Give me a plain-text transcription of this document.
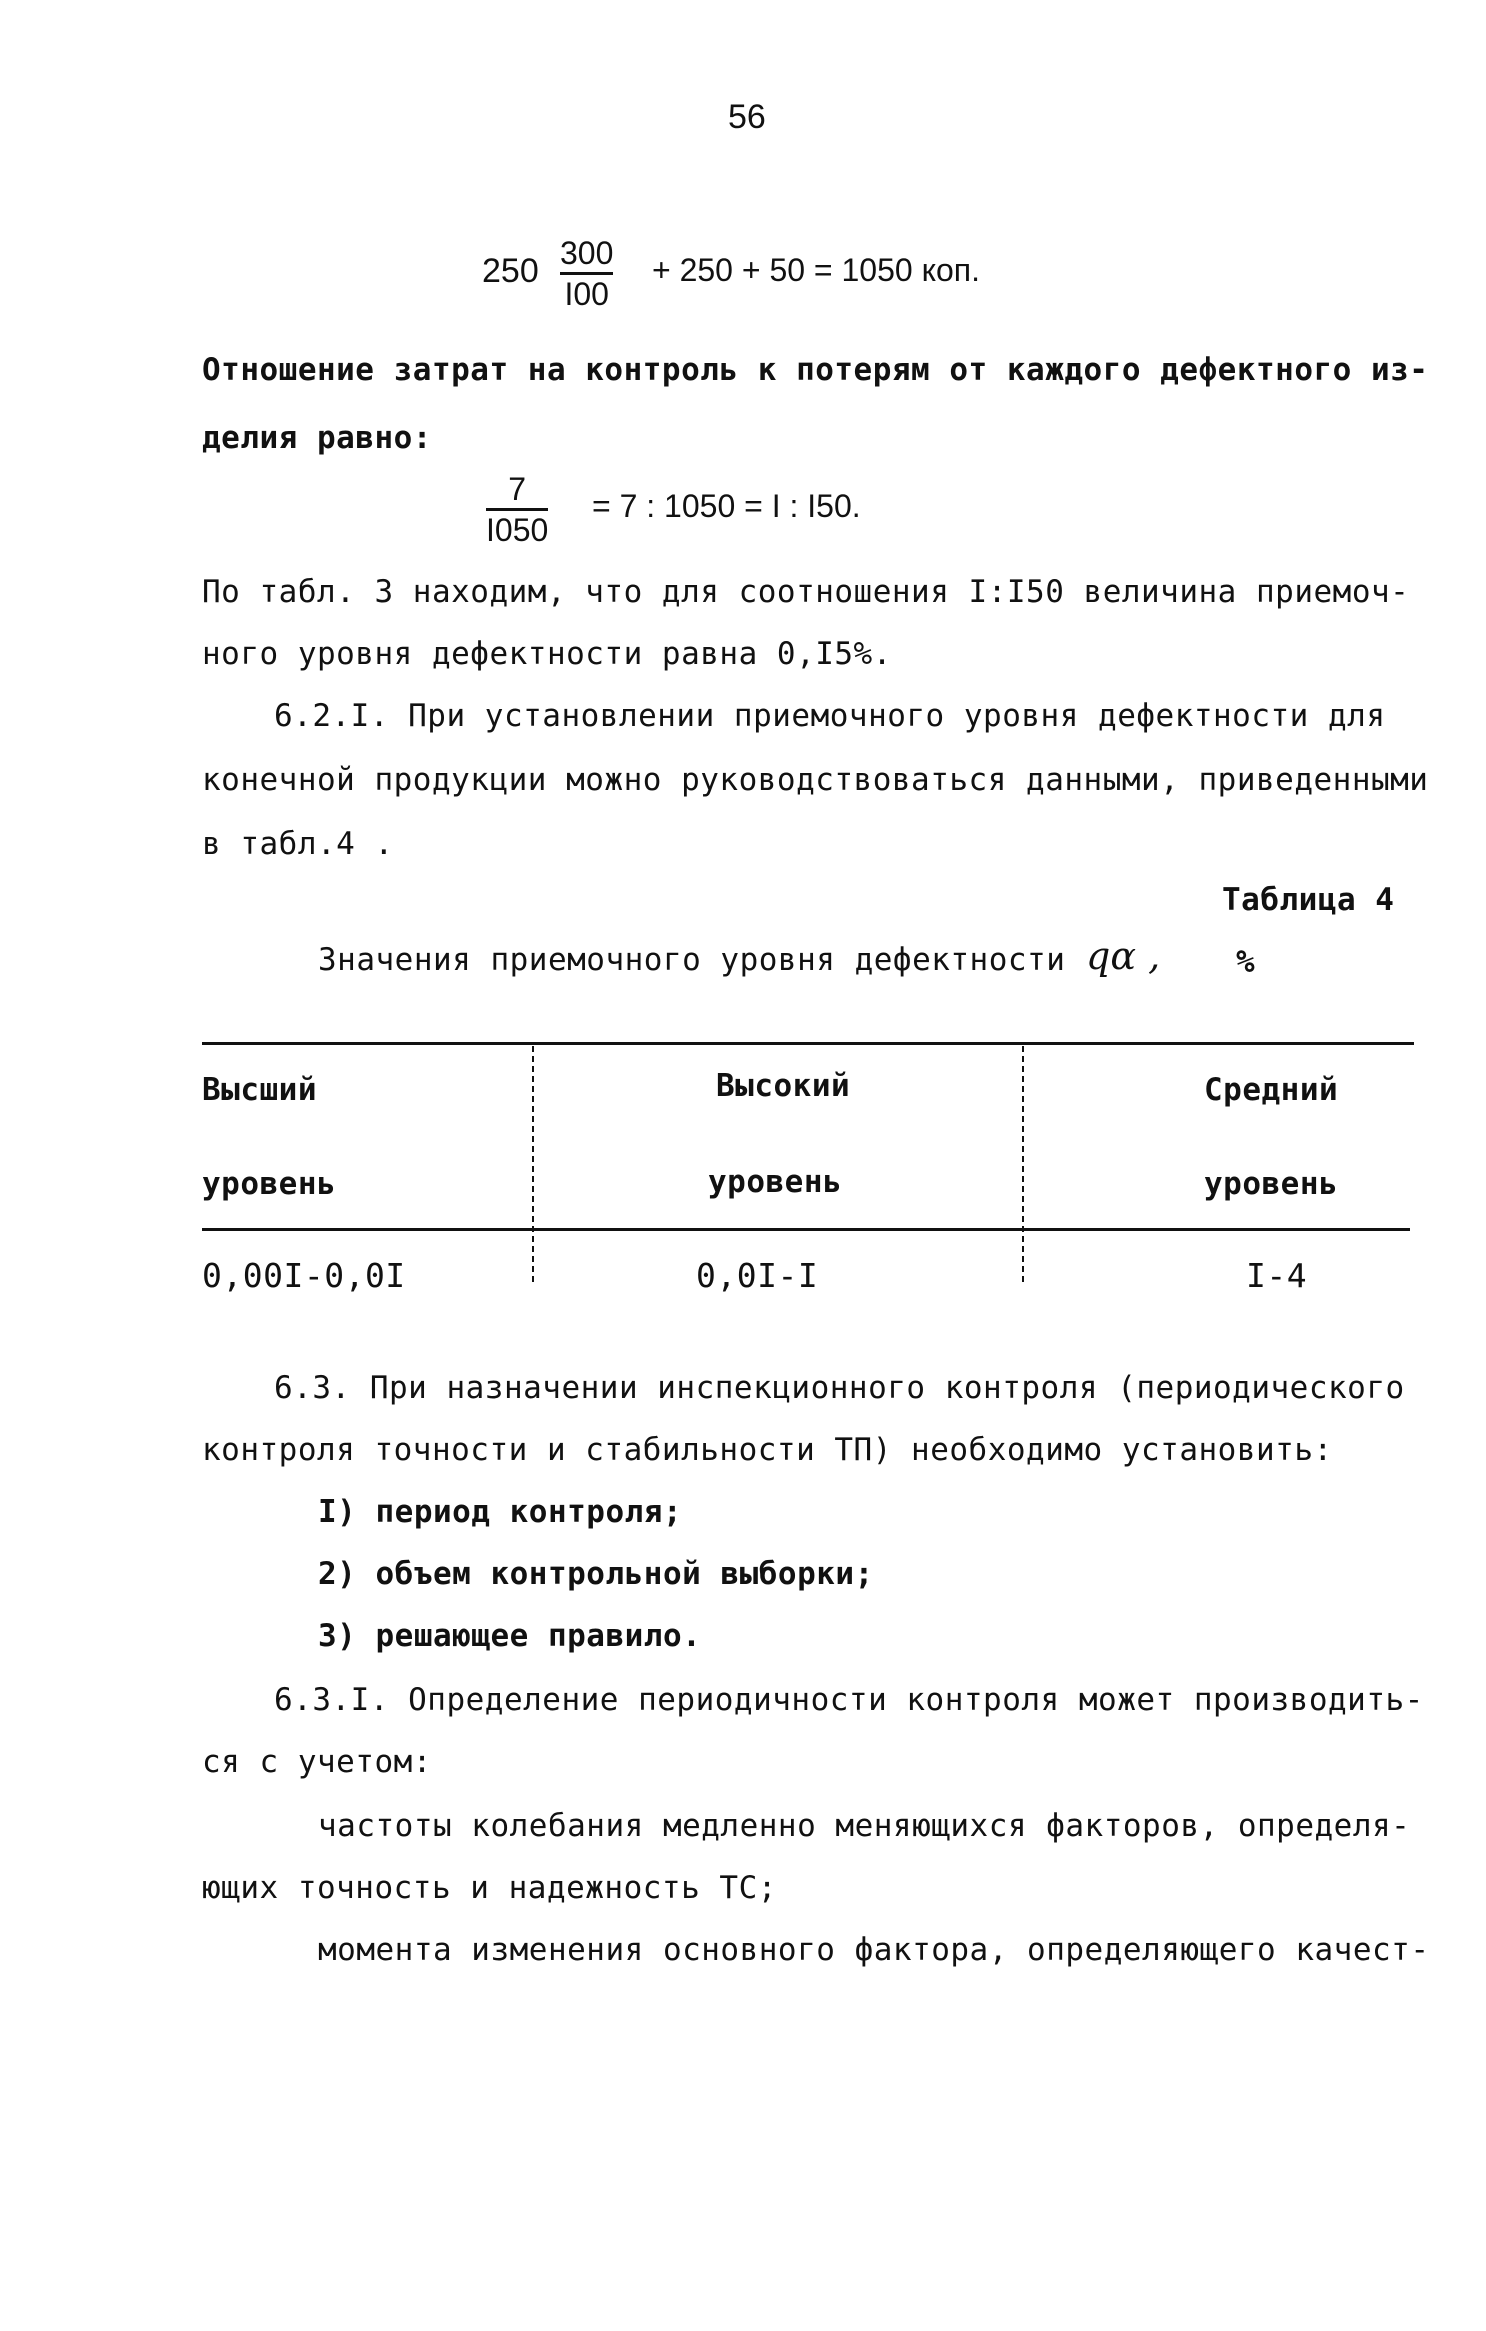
56
250 300
I00
+ 250 + 50 = 1050 коп.
Отношение затрат на контроль к потерям от каждого дефектного из-
делия равно:
7
I050
= 7 : 1050 = I : I50.
По табл. 3 находим, что для соотношения I:I50 величина приемоч-
ного уровня дефектности равна 0,I5%.
6.2.I. При установлении приемочного уровня дефектности для
конечной продукции можно руководствоваться данными, приведенными
в табл.4 .
Таблица 4
Значения приемочного уровня дефектности qα , %
Высший
уровень
Высокий
уровень
Средний
уровень
0,00I-0,0I	0,0I-I	I-4
6.3. При назначении инспекционного контроля (периодического
контроля точности и стабильности ТП) необходимо установить:
I) период контроля;
2) объем контрольной выборки;
3) решающее правило.
6.3.I. Определение периодичности контроля может производить-
ся с учетом:
частоты колебания медленно меняющихся факторов, определя-
ющих точность и надежность ТС;
момента изменения основного фактора, определяющего качест-
